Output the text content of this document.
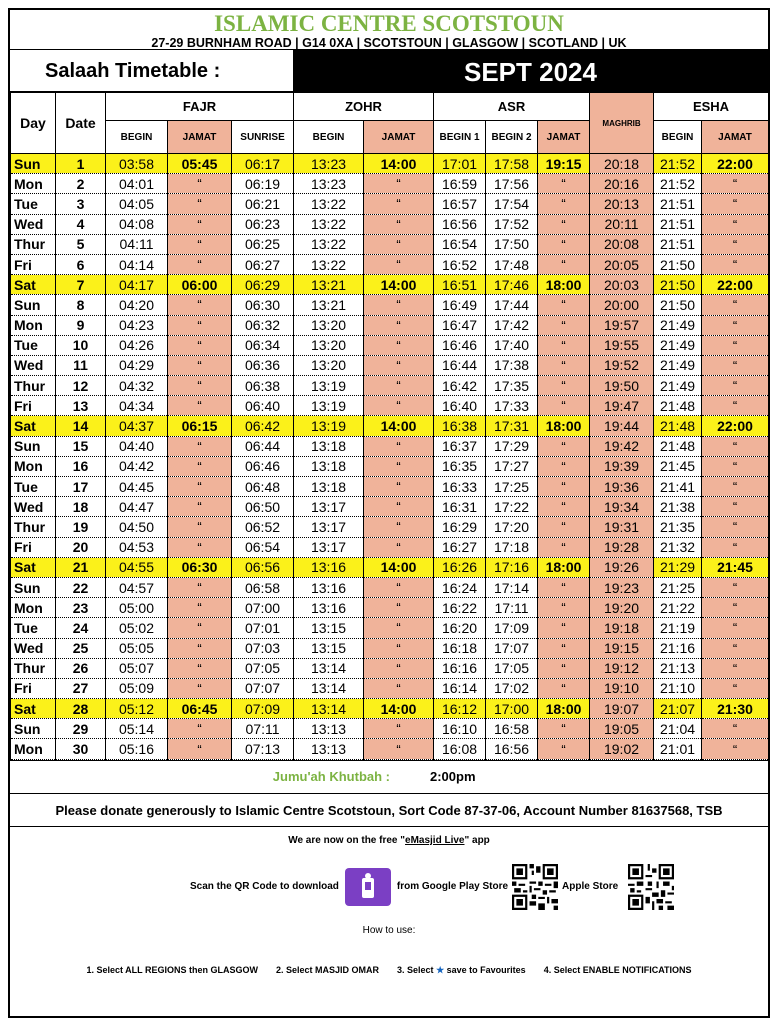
ISLAMIC CENTRE SCOTSTOUN
27-29 BURNHAM ROAD | G14 0XA | SCOTSTOUN | GLASGOW | SCOTLAND | UK
Salaah Timetable :	SEPT 2024
Day	Date	FAJR			ZOHR		ASR			MAGHRIB	ESHA	
		BEGIN	JAMAT	SUNRISE	BEGIN	JAMAT	BEGIN 1	BEGIN 2	JAMAT		BEGIN	JAMAT
Sun	1	03:58	05:45	06:17	13:23	14:00	17:01	17:58	19:15	20:18	21:52	22:00
Mon	2	04:01	“	06:19	13:23	“	16:59	17:56	“	20:16	21:52	“
Tue	3	04:05	“	06:21	13:22	“	16:57	17:54	“	20:13	21:51	“
Wed	4	04:08	“	06:23	13:22	“	16:56	17:52	“	20:11	21:51	“
Thur	5	04:11	“	06:25	13:22	“	16:54	17:50	“	20:08	21:51	“
Fri	6	04:14	“	06:27	13:22	“	16:52	17:48	“	20:05	21:50	“
Sat	7	04:17	06:00	06:29	13:21	14:00	16:51	17:46	18:00	20:03	21:50	22:00
Sun	8	04:20	“	06:30	13:21	“	16:49	17:44	“	20:00	21:50	“
Mon	9	04:23	“	06:32	13:20	“	16:47	17:42	“	19:57	21:49	“
Tue	10	04:26	“	06:34	13:20	“	16:46	17:40	“	19:55	21:49	“
Wed	11	04:29	“	06:36	13:20	“	16:44	17:38	“	19:52	21:49	“
Thur	12	04:32	“	06:38	13:19	“	16:42	17:35	“	19:50	21:49	“
Fri	13	04:34	“	06:40	13:19	“	16:40	17:33	“	19:47	21:48	“
Sat	14	04:37	06:15	06:42	13:19	14:00	16:38	17:31	18:00	19:44	21:48	22:00
Sun	15	04:40	“	06:44	13:18	“	16:37	17:29	“	19:42	21:48	“
Mon	16	04:42	“	06:46	13:18	“	16:35	17:27	“	19:39	21:45	“
Tue	17	04:45	“	06:48	13:18	“	16:33	17:25	“	19:36	21:41	“
Wed	18	04:47	“	06:50	13:17	“	16:31	17:22	“	19:34	21:38	“
Thur	19	04:50	“	06:52	13:17	“	16:29	17:20	“	19:31	21:35	“
Fri	20	04:53	“	06:54	13:17	“	16:27	17:18	“	19:28	21:32	“
Sat	21	04:55	06:30	06:56	13:16	14:00	16:26	17:16	18:00	19:26	21:29	21:45
Sun	22	04:57	“	06:58	13:16	“	16:24	17:14	“	19:23	21:25	“
Mon	23	05:00	“	07:00	13:16	“	16:22	17:11	“	19:20	21:22	“
Tue	24	05:02	“	07:01	13:15	“	16:20	17:09	“	19:18	21:19	“
Wed	25	05:05	“	07:03	13:15	“	16:18	17:07	“	19:15	21:16	“
Thur	26	05:07	“	07:05	13:14	“	16:16	17:05	“	19:12	21:13	“
Fri	27	05:09	“	07:07	13:14	“	16:14	17:02	“	19:10	21:10	“
Sat	28	05:12	06:45	07:09	13:14	14:00	16:12	17:00	18:00	19:07	21:07	21:30
Sun	29	05:14	“	07:11	13:13	“	16:10	16:58	“	19:05	21:04	“
Mon	30	05:16	“	07:13	13:13	“	16:08	16:56	“	19:02	21:01	“
Jumu'ah Khutbah :	2:00pm
Please donate generously to Islamic Centre Scotstoun, Sort Code 87-37-06, Account Number 81637568, TSB
We are now on the free "eMasjid Live" app
Scan the QR Code to download	from Google Play Store	Apple Store
How to use:
1. Select ALL REGIONS then GLASGOW 2. Select MASJID OMAR 3. Select ★ save to Favourites 4. Select ENABLE NOTIFICATIONS
